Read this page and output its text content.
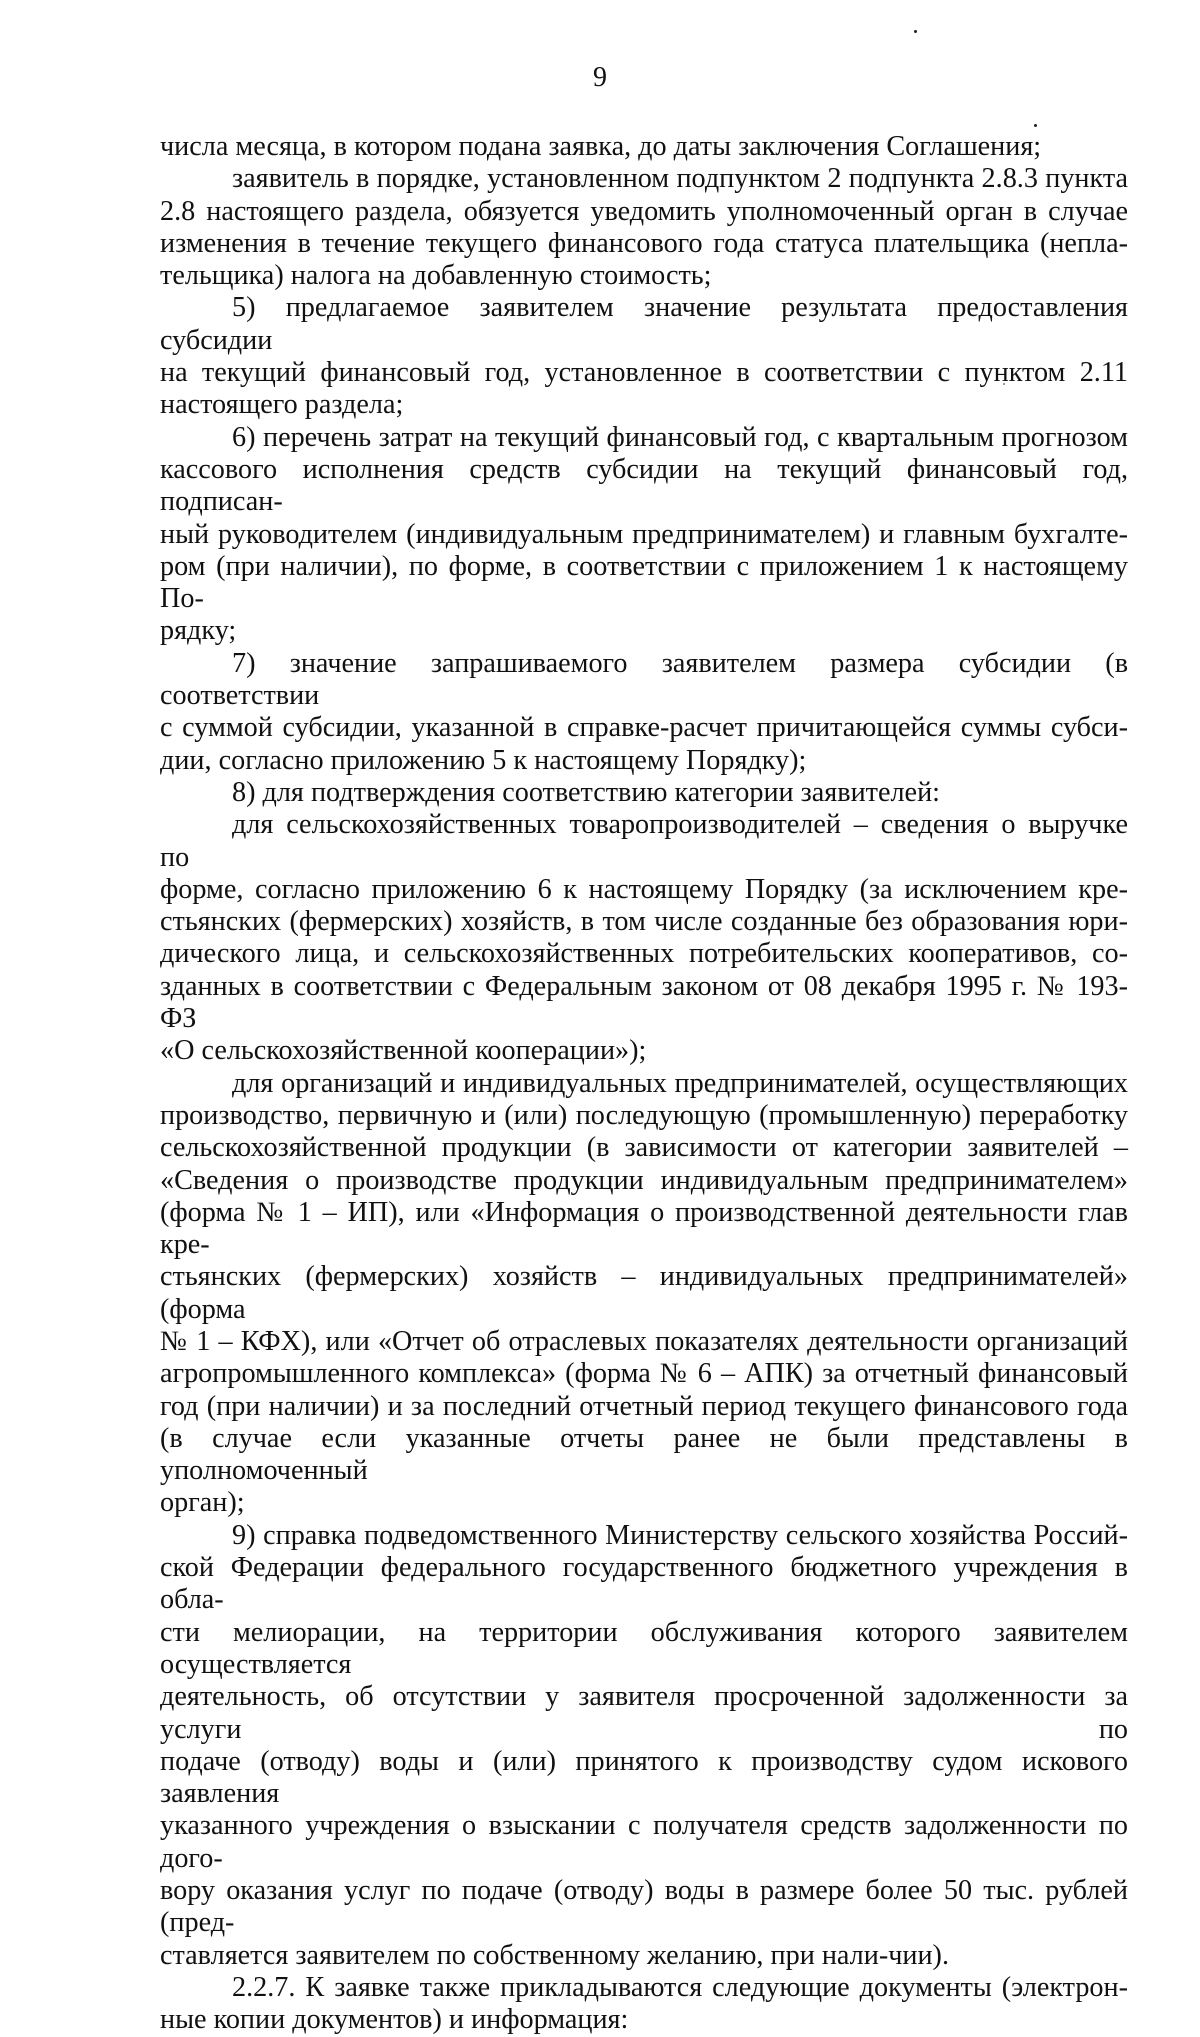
9

числа месяца, в котором подана заявка, до даты заключения Соглашения;

заявитель в порядке, установленном подпунктом 2 подпункта 2.8.3 пункта
2.8 настоящего раздела, обязуется уведомить уполномоченный орган в случае
изменения в течение текущего финансового года статуса плательщика (непла-
тельщика) налога на добавленную стоимость;

5) предлагаемое заявителем значение результата предоставления субсидии
на текущий финансовый год, установленное в соответствии с пунктом 2.11
настоящего раздела;

6) перечень затрат на текущий финансовый год, с квартальным прогнозом
кассового исполнения средств субсидии на текущий финансовый год, подписан-
ный руководителем (индивидуальным предпринимателем) и главным бухгалте-
ром (при наличии), по форме, в соответствии с приложением 1 к настоящему По-
рядку;

7) значение запрашиваемого заявителем размера субсидии (в соответствии
с суммой субсидии, указанной в справке-расчет причитающейся суммы субси-
дии, согласно приложению 5 к настоящему Порядку);

8) для подтверждения соответствию категории заявителей:

для сельскохозяйственных товаропроизводителей – сведения о выручке по
форме, согласно приложению 6 к настоящему Порядку (за исключением кре-
стьянских (фермерских) хозяйств, в том числе созданные без образования юри-
дического лица, и сельскохозяйственных потребительских кооперативов, со-
зданных в соответствии с Федеральным законом от 08 декабря 1995 г. № 193-ФЗ
«О сельскохозяйственной кооперации»);

для организаций и индивидуальных предпринимателей, осуществляющих
производство, первичную и (или) последующую (промышленную) переработку
сельскохозяйственной продукции (в зависимости от категории заявителей –
«Сведения о производстве продукции индивидуальным предпринимателем»
(форма № 1 – ИП), или «Информация о производственной деятельности глав кре-
стьянских (фермерских) хозяйств – индивидуальных предпринимателей» (форма
№ 1 – КФХ), или «Отчет об отраслевых показателях деятельности организаций
агропромышленного комплекса» (форма № 6 – АПК) за отчетный финансовый
год (при наличии) и за последний отчетный период текущего финансового года
(в случае если указанные отчеты ранее не были представлены в уполномоченный
орган);

9) справка подведомственного Министерству сельского хозяйства Россий-
ской Федерации федерального государственного бюджетного учреждения в обла-
сти мелиорации, на территории обслуживания которого заявителем осуществляется
деятельность, об отсутствии у заявителя просроченной задолженности за услуги по
подаче (отводу) воды и (или) принятого к производству судом искового заявления
указанного учреждения о взыскании с получателя средств задолженности по дого-
вору оказания услуг по подаче (отводу) воды в размере более 50 тыс. рублей (пред-
ставляется заявителем по собственному желанию, при нали-чии).

2.2.7. К заявке также прикладываются следующие документы (электрон-
ные копии документов) и информация:
